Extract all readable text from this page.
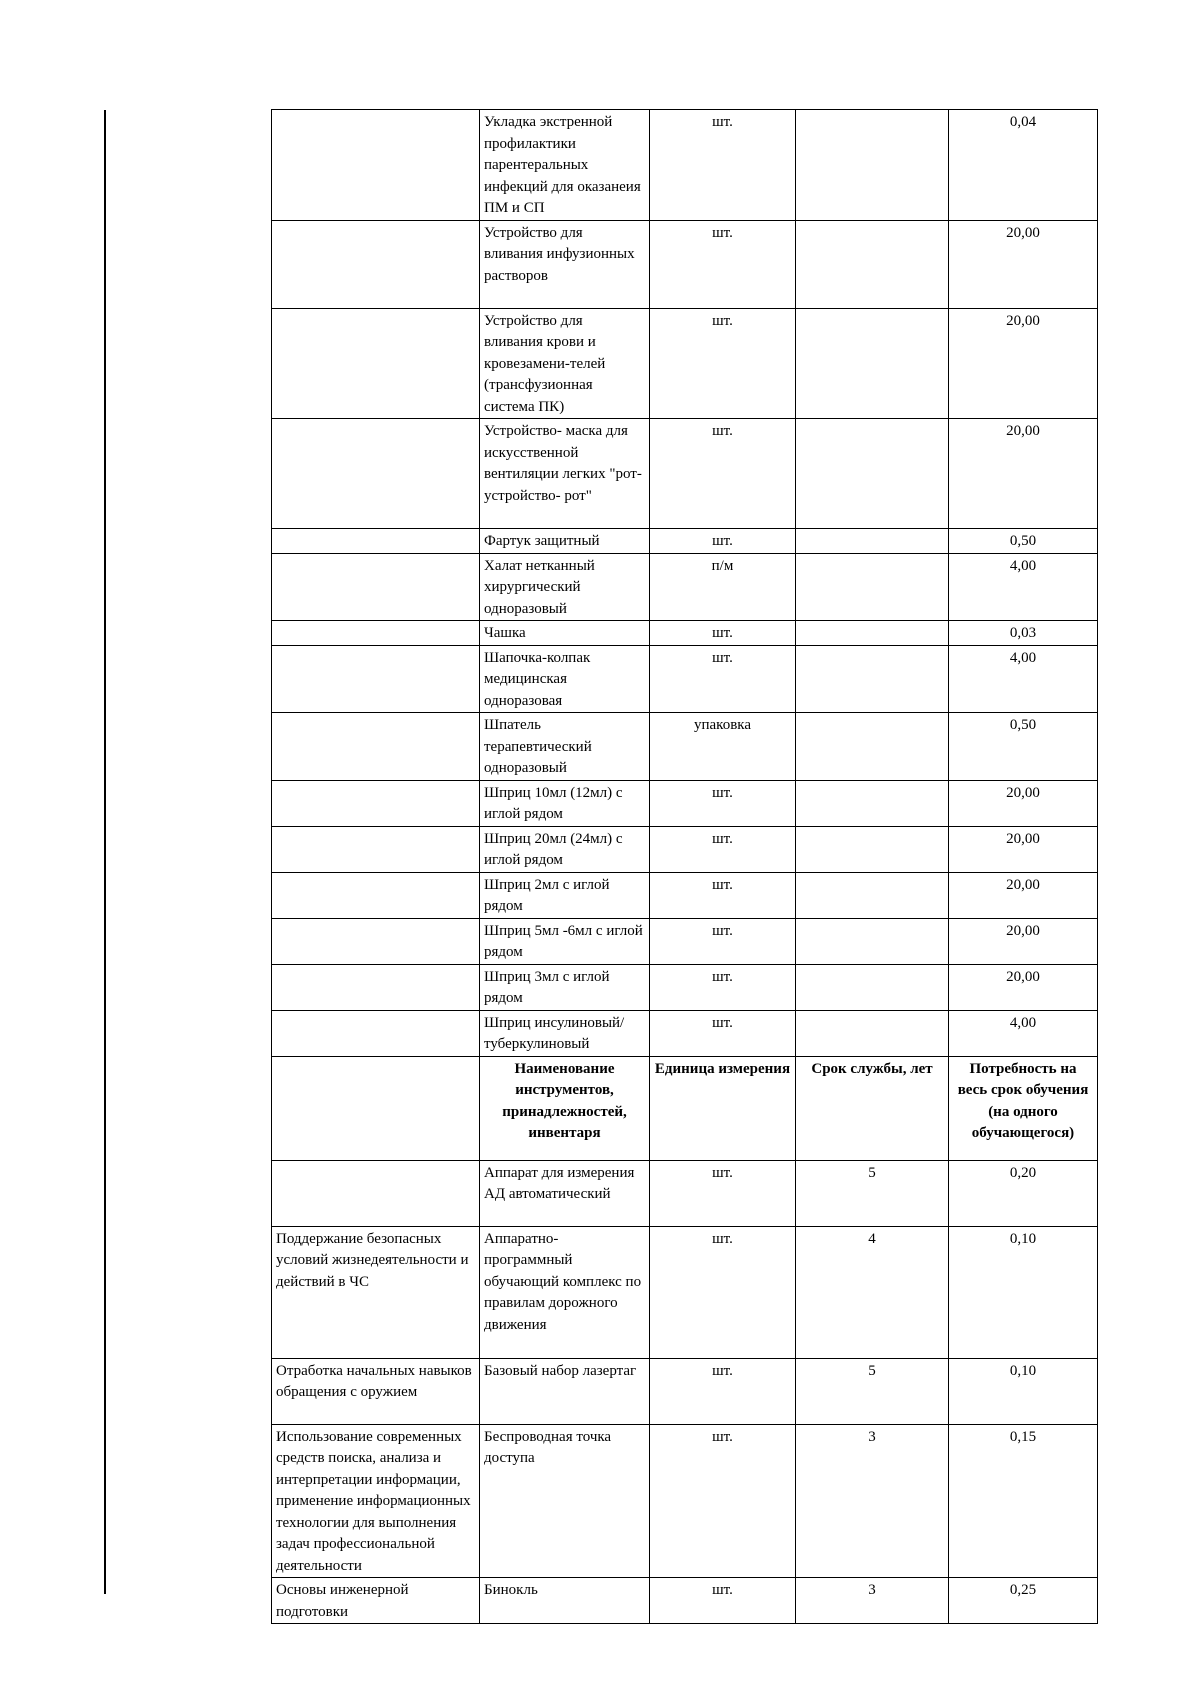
	Укладка экстренной профилактики парентеральных инфекций для оказанеия ПМ и СП	шт.		0,04
	Устройство для вливания инфузионных растворов	шт.		20,00
	Устройство для вливания крови и кровезамени-телей (трансфузионная система ПК)	шт.		20,00
	Устройство- маска для искусственной вентиляции легких "рот-устройство- рот"	шт.		20,00
	Фартук защитный	шт.		0,50
	Халат нетканный хирургический одноразовый	п/м		4,00
	Чашка	шт.		0,03
	Шапочка-колпак медицинская одноразовая	шт.		4,00
	Шпатель терапевтический одноразовый	упаковка		0,50
	Шприц 10мл (12мл) с иглой рядом	шт.		20,00
	Шприц 20мл (24мл) с иглой рядом	шт.		20,00
	Шприц 2мл с иглой рядом	шт.		20,00
	Шприц 5мл -6мл с иглой рядом	шт.		20,00
	Шприц 3мл с иглой рядом	шт.		20,00
	Шприц инсулиновый/ туберкулиновый	шт.		4,00
	Наименование инструментов, принадлежностей, инвентаря	Единица измерения	Срок службы, лет	Потребность на весь срок обучения (на одного обучающегося)
	Аппарат для измерения АД автоматический	шт.	5	0,20
Поддержание безопасных условий жизнедеятельности и действий в ЧС	Аппаратно-программный обучающий комплекс по правилам дорожного движения	шт.	4	0,10
Отработка начальных навыков обращения с оружием	Базовый набор лазертаг	шт.	5	0,10
Использование современных средств поиска, анализа и интерпретации информации, применение информационных технологии для выполнения задач профессиональной деятельности	Беспроводная точка доступа	шт.	3	0,15
Основы инженерной подготовки	Бинокль	шт.	3	0,25
